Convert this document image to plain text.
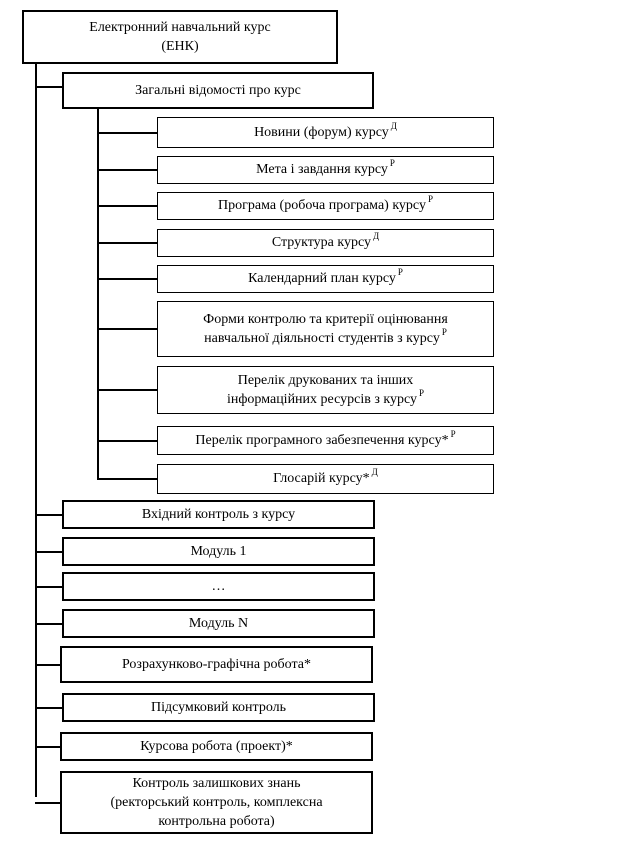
Електронний навчальний курс
(ЕНК)
Загальні відомості про курс
Новини (форум) курсу $^Д$
Мета і завдання курсу $^Р$
Програма (робоча програма) курсу $^Р$
Структура курсу $^Д$
Календарний план курсу $^Р$
Форми контролю та критерії оцінювання
навчальної діяльності студентів з курсу $^Р$
Перелік друкованих та інших
інформаційних ресурсів з курсу $^Р$
Перелік програмного забезпечення курсу* $^Р$
Глосарій курсу* $^Д$
Вхідний контроль з курсу
Модуль 1
…
Модуль N
Розрахунково-графічна робота*
Підсумковий контроль
Курсова робота (проект)*
Контроль залишкових знань
(ректорський контроль, комплексна
контрольна робота)
